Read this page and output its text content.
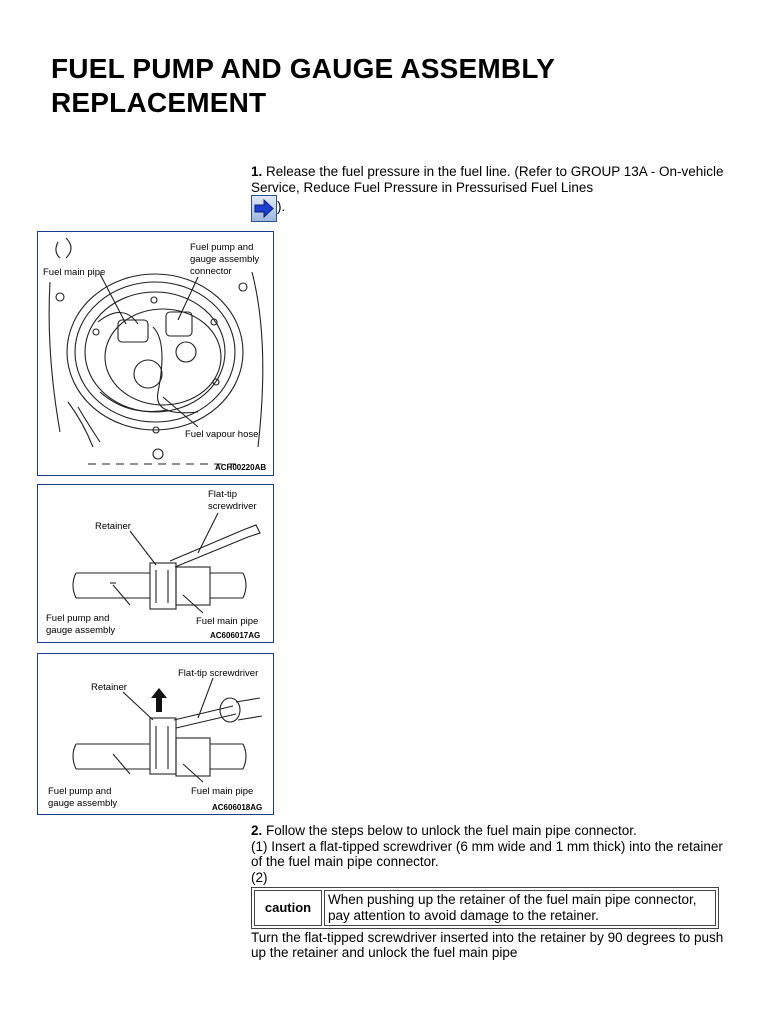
FUEL PUMP AND GAUGE ASSEMBLY
REPLACEMENT
1. Release the fuel pressure in the fuel line. (Refer to GROUP 13A - On-vehicle Service, Reduce Fuel Pressure in Pressurised Fuel Lines
).
Fuel main pipe
Fuel pump and
gauge assembly
connector
Fuel vapour hose
ACH00220AB
Flat-tip
screwdriver
Retainer
Fuel pump and
gauge assembly
Fuel main pipe
AC606017AG
Flat-tip screwdriver
Retainer
Fuel pump and
gauge assembly
Fuel main pipe
AC606018AG
2. Follow the steps below to unlock the fuel main pipe connector.
(1) Insert a flat-tipped screwdriver (6 mm wide and 1 mm thick) into the retainer of the fuel main pipe connector.
(2)
caution	When pushing up the retainer of the fuel main pipe connector, pay attention to avoid damage to the retainer.
Turn the flat-tipped screwdriver inserted into the retainer by 90 degrees to push up the retainer and unlock the fuel main pipe
